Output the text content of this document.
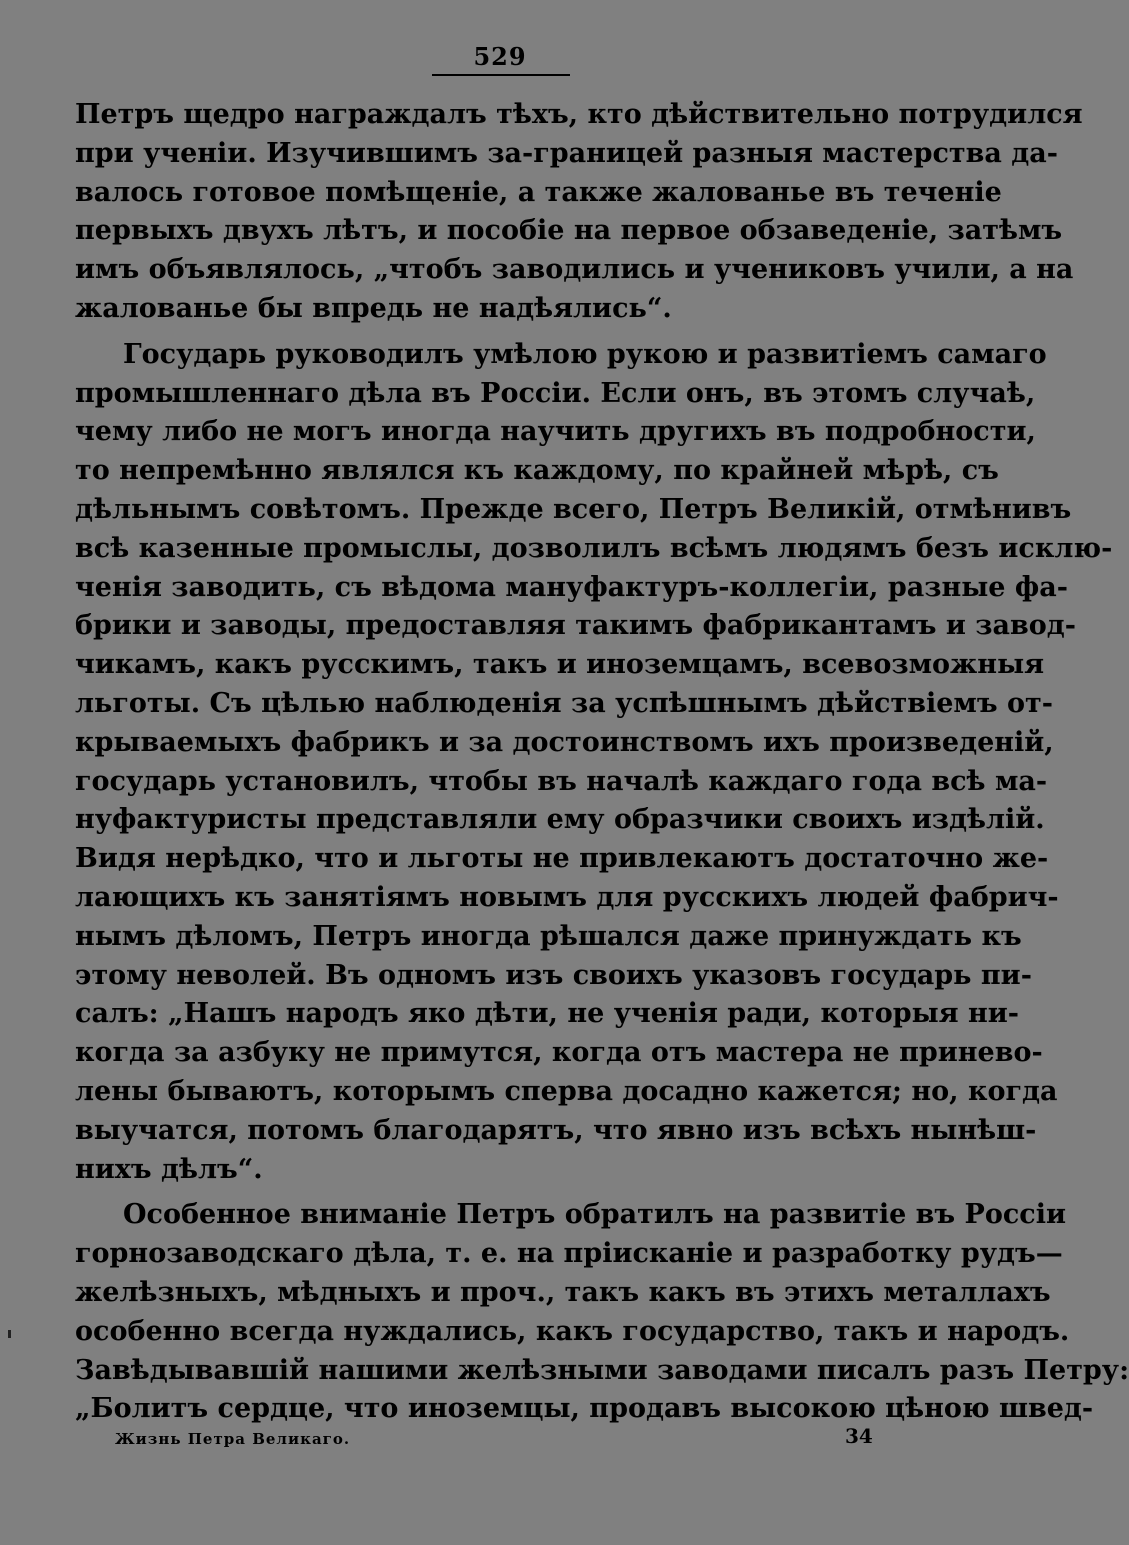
529
Петръ щедро награждалъ тѣхъ, кто дѣйствительно потрудился
при ученіи. Изучившимъ за-границей разныя мастерства да-
валось готовое помѣщеніе, а также жалованье въ теченіе
первыхъ двухъ лѣтъ, и пособіе на первое обзаведеніе, затѣмъ
имъ объявлялось, „чтобъ заводились и учениковъ учили, а на
жалованье бы впредь не надѣялись“.
Государь руководилъ умѣлою рукою и развитіемъ самаго
промышленнаго дѣла въ Россіи. Если онъ, въ этомъ случаѣ,
чему либо не могъ иногда научить другихъ въ подробности,
то непремѣнно являлся къ каждому, по крайней мѣрѣ, съ
дѣльнымъ совѣтомъ. Прежде всего, Петръ Великій, отмѣнивъ
всѣ казенные промыслы, дозволилъ всѣмъ людямъ безъ исклю-
ченія заводить, съ вѣдома мануфактуръ-коллегіи, разные фа-
брики и заводы, предоставляя такимъ фабрикантамъ и завод-
чикамъ, какъ русскимъ, такъ и иноземцамъ, всевозможныя
льготы. Съ цѣлью наблюденія за успѣшнымъ дѣйствіемъ от-
крываемыхъ фабрикъ и за достоинствомъ ихъ произведеній,
государь установилъ, чтобы въ началѣ каждаго года всѣ ма-
нуфактуристы представляли ему образчики своихъ издѣлій.
Видя нерѣдко, что и льготы не привлекаютъ достаточно же-
лающихъ къ занятіямъ новымъ для русскихъ людей фабрич-
нымъ дѣломъ, Петръ иногда рѣшался даже принуждать къ
этому неволей. Въ одномъ изъ своихъ указовъ государь пи-
салъ: „Нашъ народъ яко дѣти, не ученія ради, которыя ни-
когда за азбуку не примутся, когда отъ мастера не принево-
лены бываютъ, которымъ сперва досадно кажется; но, когда
выучатся, потомъ благодарятъ, что явно изъ всѣхъ нынѣш-
нихъ дѣлъ“.
Особенное вниманіе Петръ обратилъ на развитіе въ Россіи
горнозаводскаго дѣла, т. е. на пріисканіе и разработку рудъ—
желѣзныхъ, мѣдныхъ и проч., такъ какъ въ этихъ металлахъ
особенно всегда нуждались, какъ государство, такъ и народъ.
Завѣдывавшій нашими желѣзными заводами писалъ разъ Петру:
„Болитъ сердце, что иноземцы, продавъ высокою цѣною швед-
Жизнь Петра Великаго.	34
